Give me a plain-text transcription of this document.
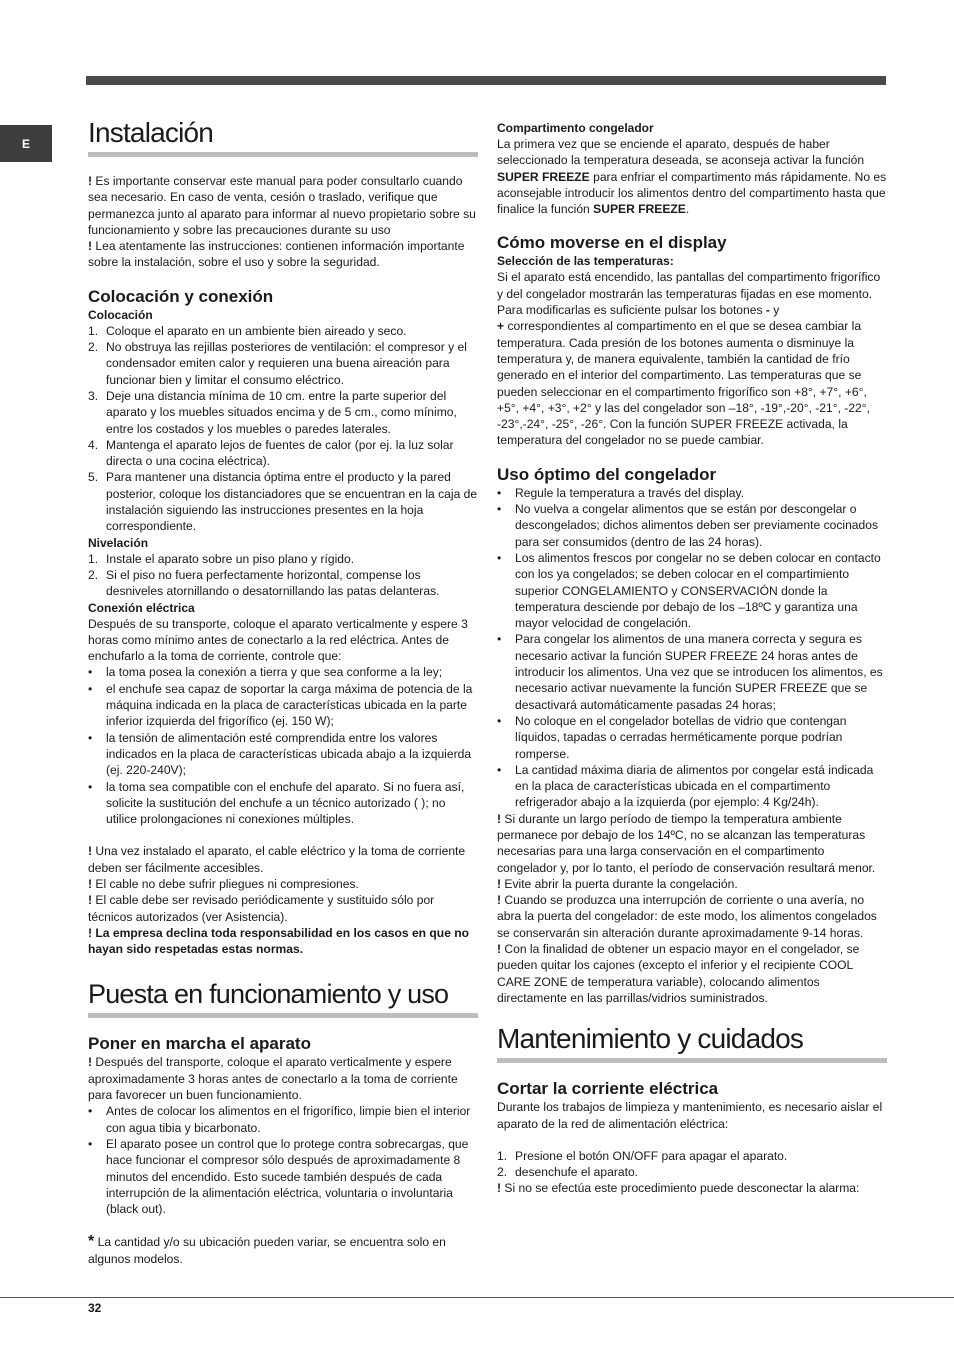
E Instalación

! Es importante conservar este manual para poder consultarlo cuando sea necesario. En caso de venta, cesión o traslado, verifique que permanezca junto al aparato para informar al nuevo propietario sobre su funcionamiento y sobre las precauciones durante su uso

! Lea atentamente las instrucciones: contienen información importante sobre la instalación, sobre el uso y sobre la seguridad.

Colocación y conexión
Colocación
1. Coloque el aparato en un ambiente bien aireado y seco.
2. No obstruya las rejillas posteriores de ventilación: el compresor y el condensador emiten calor y requieren una buena aireación para funcionar bien y limitar el consumo eléctrico.
3. Deje una distancia mínima de 10 cm. entre la parte superior del aparato y los muebles situados encima y de 5 cm., como mínimo, entre los costados y los muebles o paredes laterales.
4. Mantenga el aparato lejos de fuentes de calor (por ej. la luz solar directa o una cocina eléctrica).
5. Para mantener una distancia óptima entre el producto y la pared posterior, coloque los distanciadores que se encuentran en la caja de instalación siguiendo las instrucciones presentes en la hoja correspondiente.
Nivelación
1. Instale el aparato sobre un piso plano y rígido.
2. Si el piso no fuera perfectamente horizontal, compense los desniveles atornillando o desatornillando las patas delanteras.
Conexión eléctrica

Después de su transporte, coloque el aparato verticalmente y espere 3 horas como mínimo antes de conectarlo a la red eléctrica. Antes de enchufarlo a la toma de corriente, controle que:

• la toma posea la conexión a tierra y que sea conforme a la ley;
• el enchufe sea capaz de soportar la carga máxima de potencia de la máquina indicada en la placa de características ubicada en la parte inferior izquierda del frigorífico (ej. 150 W);
• la tensión de alimentación esté comprendida entre los valores indicados en la placa de características ubicada abajo a la izquierda (ej. 220-240V);
• la toma sea compatible con el enchufe del aparato. Si no fuera así, solicite la sustitución del enchufe a un técnico autorizado ( ); no utilice prolongaciones ni conexiones múltiples.

! Una vez instalado el aparato, el cable eléctrico y la toma de corriente deben ser fácilmente accesibles.

! El cable no debe sufrir pliegues ni compresiones.

! El cable debe ser revisado periódicamente y sustituido sólo por técnicos autorizados (ver Asistencia).

! La empresa declina toda responsabilidad en los casos en que no hayan sido respetadas estas normas.

Puesta en funcionamiento y uso
Poner en marcha el aparato

! Después del transporte, coloque el aparato verticalmente y espere aproximadamente 3 horas antes de conectarlo a la toma de corriente para favorecer un buen funcionamiento.

• Antes de colocar los alimentos en el frigorífico, limpie bien el interior con agua tibia y bicarbonato.
• El aparato posee un control que lo protege contra sobrecargas, que hace funcionar el compresor sólo después de aproximadamente 8 minutos del encendido. Esto sucede también después de cada interrupción de la alimentación eléctrica, voluntaria o involuntaria (black out).

* La cantidad y/o su ubicación pueden variar, se encuentra solo en algunos modelos.

Compartimento congelador

La primera vez que se enciende el aparato, después de haber seleccionado la temperatura deseada, se aconseja activar la función SUPER FREEZE para enfriar el compartimento más rápidamente. No es aconsejable introducir los alimentos dentro del compartimento hasta que finalice la función SUPER FREEZE.

Cómo moverse en el display
Selección de las temperaturas:

Si el aparato está encendido, las pantallas del compartimento frigorífico y del congelador mostrarán las temperaturas fijadas en ese momento. Para modificarlas es suficiente pulsar los botones - y
+ correspondientes al compartimento en el que se desea cambiar la temperatura. Cada presión de los botones aumenta o disminuye la temperatura y, de manera equivalente, también la cantidad de frío generado en el interior del compartimento. Las temperaturas que se pueden seleccionar en el compartimento frigorífico son +8°, +7°, +6°, +5°, +4°, +3°, +2° y las del congelador son –18°, -19°,-20°, -21°, -22°, -23°,-24°, -25°, -26°. Con la función SUPER FREEZE activada, la temperatura del congelador no se puede cambiar.

Uso óptimo del congelador
• Regule la temperatura a través del display.
• No vuelva a congelar alimentos que se están por descongelar o descongelados; dichos alimentos deben ser previamente cocinados para ser consumidos (dentro de las 24 horas).
• Los alimentos frescos por congelar no se deben colocar en contacto con los ya congelados; se deben colocar en el compartimiento superior CONGELAMIENTO y CONSERVACIÓN donde la temperatura desciende por debajo de los –18ºC y garantiza una mayor velocidad de congelación.
• Para congelar los alimentos de una manera correcta y segura es necesario activar la función SUPER FREEZE 24 horas antes de introducir los alimentos. Una vez que se introducen los alimentos, es necesario activar nuevamente la función SUPER FREEZE que se desactivará automáticamente pasadas 24 horas;
• No coloque en el congelador botellas de vidrio que contengan líquidos, tapadas o cerradas herméticamente porque podrían romperse.
• La cantidad máxima diaria de alimentos por congelar está indicada en la placa de características ubicada en el compartimento refrigerador abajo a la izquierda (por ejemplo: 4 Kg/24h).

! Si durante un largo período de tiempo la temperatura ambiente permanece por debajo de los 14ºC, no se alcanzan las temperaturas necesarias para una larga conservación en el compartimento congelador y, por lo tanto, el período de conservación resultará menor.

! Evite abrir la puerta durante la congelación.

! Cuando se produzca una interrupción de corriente o una avería, no abra la puerta del congelador: de este modo, los alimentos congelados se conservarán sin alteración durante aproximadamente 9-14 horas.

! Con la finalidad de obtener un espacio mayor en el congelador, se pueden quitar los cajones (excepto el inferior y el recipiente COOL CARE ZONE de temperatura variable), colocando alimentos directamente en las parrillas/vidrios suministrados.

Mantenimiento y cuidados
Cortar la corriente eléctrica

Durante los trabajos de limpieza y mantenimiento, es necesario aislar el aparato de la red de alimentación eléctrica:

1. Presione el botón ON/OFF para apagar el aparato.
2. desenchufe el aparato.

! Si no se efectúa este procedimiento puede desconectar la alarma:

32
